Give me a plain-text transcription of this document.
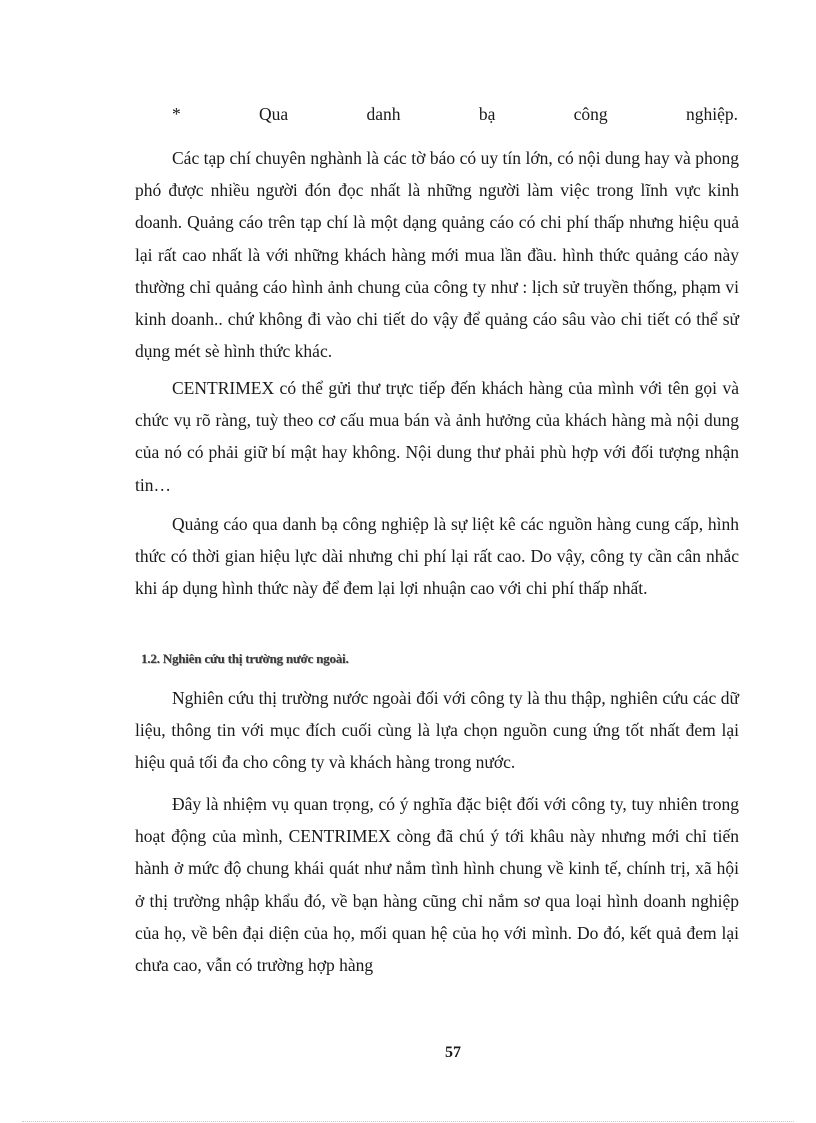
*	Qua	danh	bạ	công	nghiệp.

Các tạp chí chuyên nghành là các tờ báo có uy tín lớn, có nội dung hay và phong phó được nhiều người đón đọc nhất là những người làm việc trong lĩnh vực kinh doanh. Quảng cáo trên tạp chí là một dạng quảng cáo có chi phí thấp nhưng hiệu quả lại rất cao nhất là với những khách hàng mới mua lần đầu. hình thức quảng cáo này thường chỉ quảng cáo hình ảnh chung của công ty như : lịch sử truyền thống, phạm vi kinh doanh.. chứ không đi vào chi tiết do vậy để quảng cáo sâu vào chi tiết có thể sử dụng mét sè hình thức khác.

CENTRIMEX có thể gửi thư trực tiếp đến khách hàng của mình với tên gọi và chức vụ rõ ràng, tuỳ theo cơ cấu mua bán và ảnh hưởng của khách hàng mà nội dung của nó có phải giữ bí mật hay không. Nội dung thư phải phù hợp với đối tượng nhận tin…

Quảng cáo qua danh bạ công nghiệp là sự liệt kê các nguồn hàng cung cấp, hình thức có thời gian hiệu lực dài nhưng chi phí lại rất cao. Do vậy, công ty cần cân nhắc khi áp dụng hình thức này để đem lại lợi nhuận cao với chi phí thấp nhất.

1.2. Nghiên cứu thị trường nước ngoài.

Nghiên cứu thị trường nước ngoài đối với công ty là thu thập, nghiên cứu các dữ liệu, thông tin với mục đích cuối cùng là lựa chọn nguồn cung ứng tốt nhất đem lại hiệu quả tối đa cho công ty và khách hàng trong nước.

Đây là nhiệm vụ quan trọng, có ý nghĩa đặc biệt đối với công ty, tuy nhiên trong hoạt động của mình, CENTRIMEX còng đã chú ý tới khâu này nhưng mới chỉ tiến hành ở mức độ chung khái quát như nắm tình hình chung về kinh tế, chính trị, xã hội ở thị trường nhập khẩu đó, về bạn hàng cũng chỉ nắm sơ qua loại hình doanh nghiệp của họ, về bên đại diện của họ, mối quan hệ của họ với mình. Do đó, kết quả đem lại chưa cao, vẫn có trường hợp hàng

57
